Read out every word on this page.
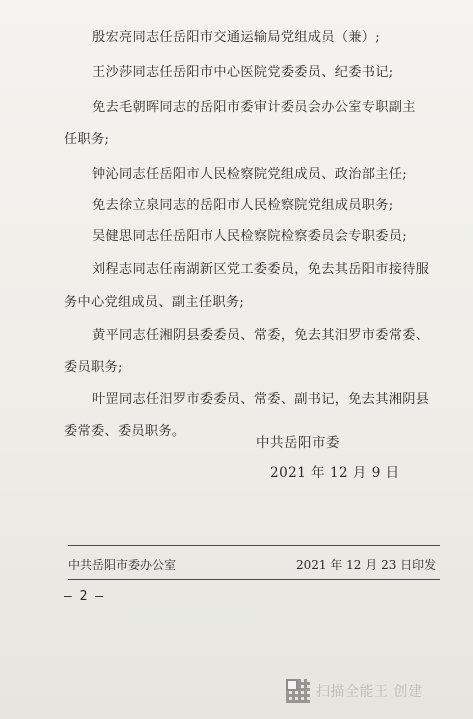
殷宏亮同志任岳阳市交通运输局党组成员（兼）;
王沙莎同志任岳阳市中心医院党委委员、纪委书记;
免去毛朝晖同志的岳阳市委审计委员会办公室专职副主
任职务;
钟沁同志任岳阳市人民检察院党组成员、政治部主任;
免去徐立泉同志的岳阳市人民检察院党组成员职务;
吴健思同志任岳阳市人民检察院检察委员会专职委员;
刘程志同志任南湖新区党工委委员，免去其岳阳市接待服
务中心党组成员、副主任职务;
黄平同志任湘阴县委委员、常委，免去其汨罗市委常委、
委员职务;
叶罡同志任汨罗市委委员、常委、副书记，免去其湘阴县
委常委、委员职务。
中共岳阳市委
2021 年 12 月 9 日
中共岳阳市委办公室	2021 年 12 月 23 日印发
— 2 —
扫描全能王 创建
